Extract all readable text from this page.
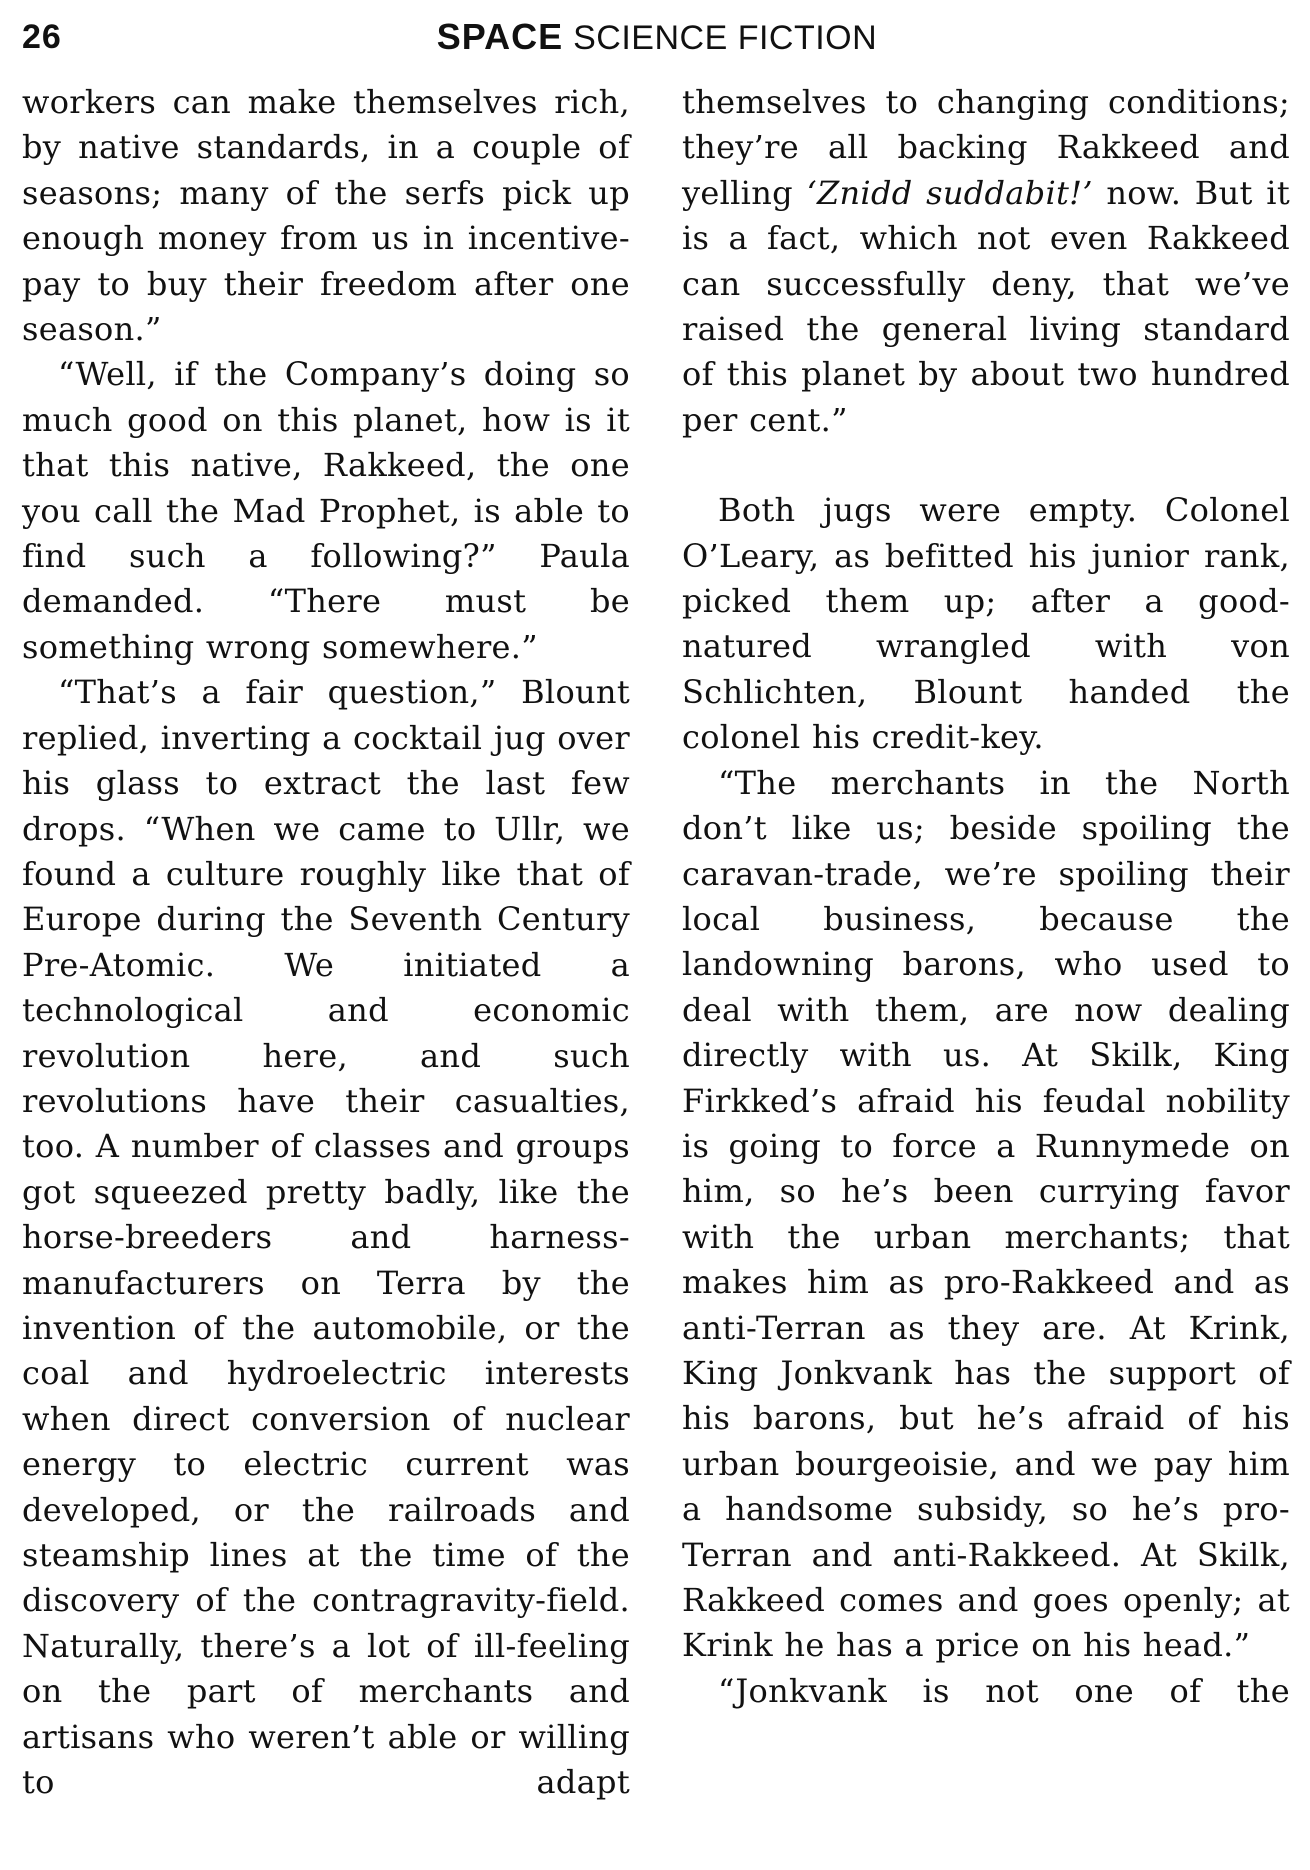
26	SPACE SCIENCE FICTION

workers can make themselves rich, by native standards, in a couple of seasons; many of the serfs pick up enough money from us in incentive-pay to buy their freedom after one season.”

“Well, if the Company’s doing so much good on this planet, how is it that this native, Rakkeed, the one you call the Mad Prophet, is able to find such a following?” Paula demanded. “There must be something wrong somewhere.”

“That’s a fair question,” Blount replied, inverting a cocktail jug over his glass to extract the last few drops. “When we came to Ullr, we found a culture roughly like that of Europe during the Seventh Century Pre-Atomic. We initiated a technological and economic revolution here, and such revolutions have their casualties, too. A number of classes and groups got squeezed pretty badly, like the horse-breeders and harness-manufacturers on Terra by the invention of the automobile, or the coal and hydroelectric interests when direct conversion of nuclear energy to electric current was developed, or the railroads and steamship lines at the time of the discovery of the contragravity-field. Naturally, there’s a lot of ill-feeling on the part of merchants and artisans who weren’t able or willing to adapt

themselves to changing conditions; they’re all backing Rakkeed and yelling ‘Znidd suddabit!’ now. But it is a fact, which not even Rakkeed can successfully deny, that we’ve raised the general living standard of this planet by about two hundred per cent.”

Both jugs were empty. Colonel O’Leary, as befitted his junior rank, picked them up; after a good-natured wrangled with von Schlichten, Blount handed the colonel his credit-key.

“The merchants in the North don’t like us; beside spoiling the caravan-trade, we’re spoiling their local business, because the landowning barons, who used to deal with them, are now dealing directly with us. At Skilk, King Firkked’s afraid his feudal nobility is going to force a Runnymede on him, so he’s been currying favor with the urban merchants; that makes him as pro-Rakkeed and as anti-Terran as they are. At Krink, King Jonkvank has the support of his barons, but he’s afraid of his urban bourgeoisie, and we pay him a handsome subsidy, so he’s pro-Terran and anti-Rakkeed. At Skilk, Rakkeed comes and goes openly; at Krink he has a price on his head.”

“Jonkvank is not one of the
